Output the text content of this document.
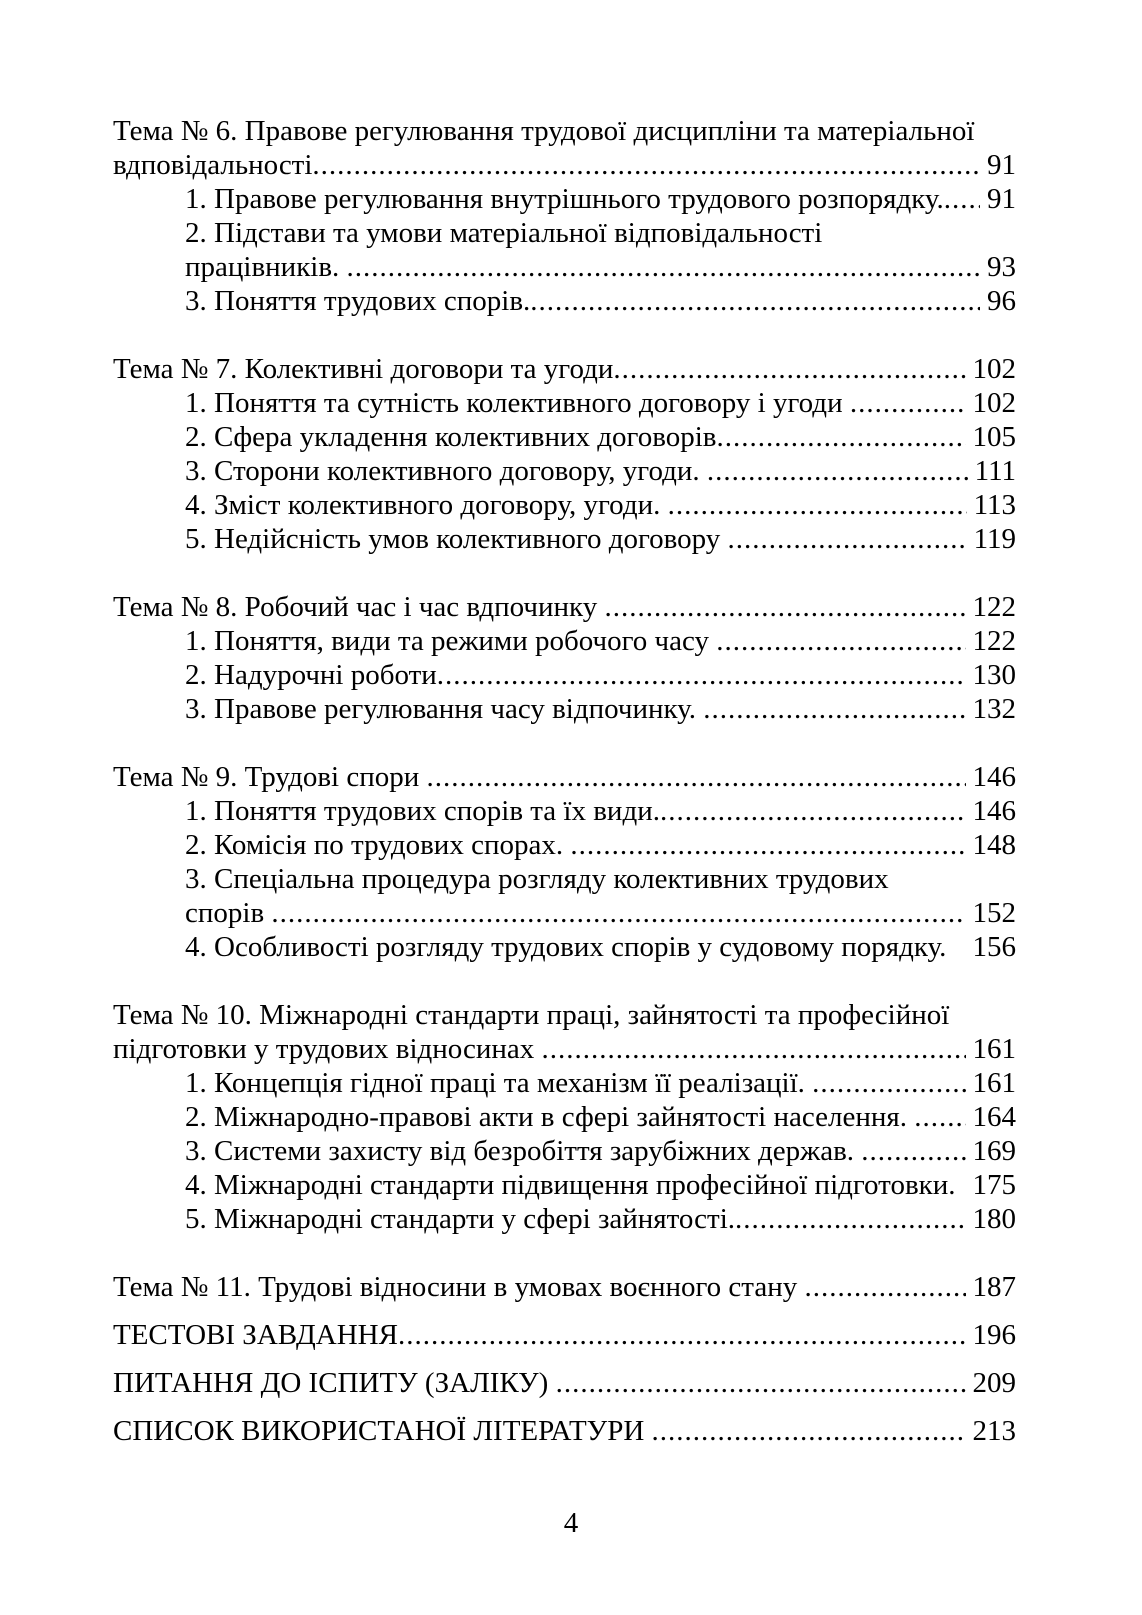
Тема № 6. Правове регулювання трудової дисципліни та матеріальної
вдповідальності .....	91
1. Правове регулювання внутрішнього трудового розпорядку. ..... 91
2. Підстави та умови матеріальної відповідальності
працівників. .....	93
3. Поняття трудових спорів. .....	96
Тема № 7. Колективні договори та угоди .....	102
1. Поняття та сутність колективного договору і угоди .....	102
2. Сфера укладення колективних договорів .....	105
3. Сторони колективного договору, угоди. .....	111
4. Зміст колективного договору, угоди. .....	113
5. Недійсність умов колективного договору .....	119
Тема № 8. Робочий час і час вдпочинку .....	122
1. Поняття, види та режими робочого часу .....	122
2. Надурочні роботи .....	130
3. Правове регулювання часу відпочинку. .....	132
Тема № 9. Трудові спори .....	146
1. Поняття трудових спорів та їх види. .....	146
2. Комісія по трудових спорах. .....	148
3. Спеціальна процедура розгляду колективних трудових
спорів .....	152
4. Особливості розгляду трудових спорів у судовому порядку. 156
Тема № 10. Міжнародні стандарти праці, зайнятості та професійної
підготовки у трудових відносинах .....	161
1. Концепція гідної праці та механізм її реалізації. .....	161
2. Міжнародно-правові акти в сфері зайнятості населення. ..... 164
3. Системи захисту від безробіття зарубіжних держав. .....	169
4. Міжнародні стандарти підвищення професійної підготовки. 175
5. Міжнародні стандарти у сфері зайнятості. .....	180
Тема № 11. Трудові відносини в умовах воєнного стану .....	187
ТЕСТОВІ ЗАВДАННЯ .....	196
ПИТАННЯ ДО ІСПИТУ (ЗАЛІКУ) .....	209
СПИСОК ВИКОРИСТАНОЇ ЛІТЕРАТУРИ .....	213
4
